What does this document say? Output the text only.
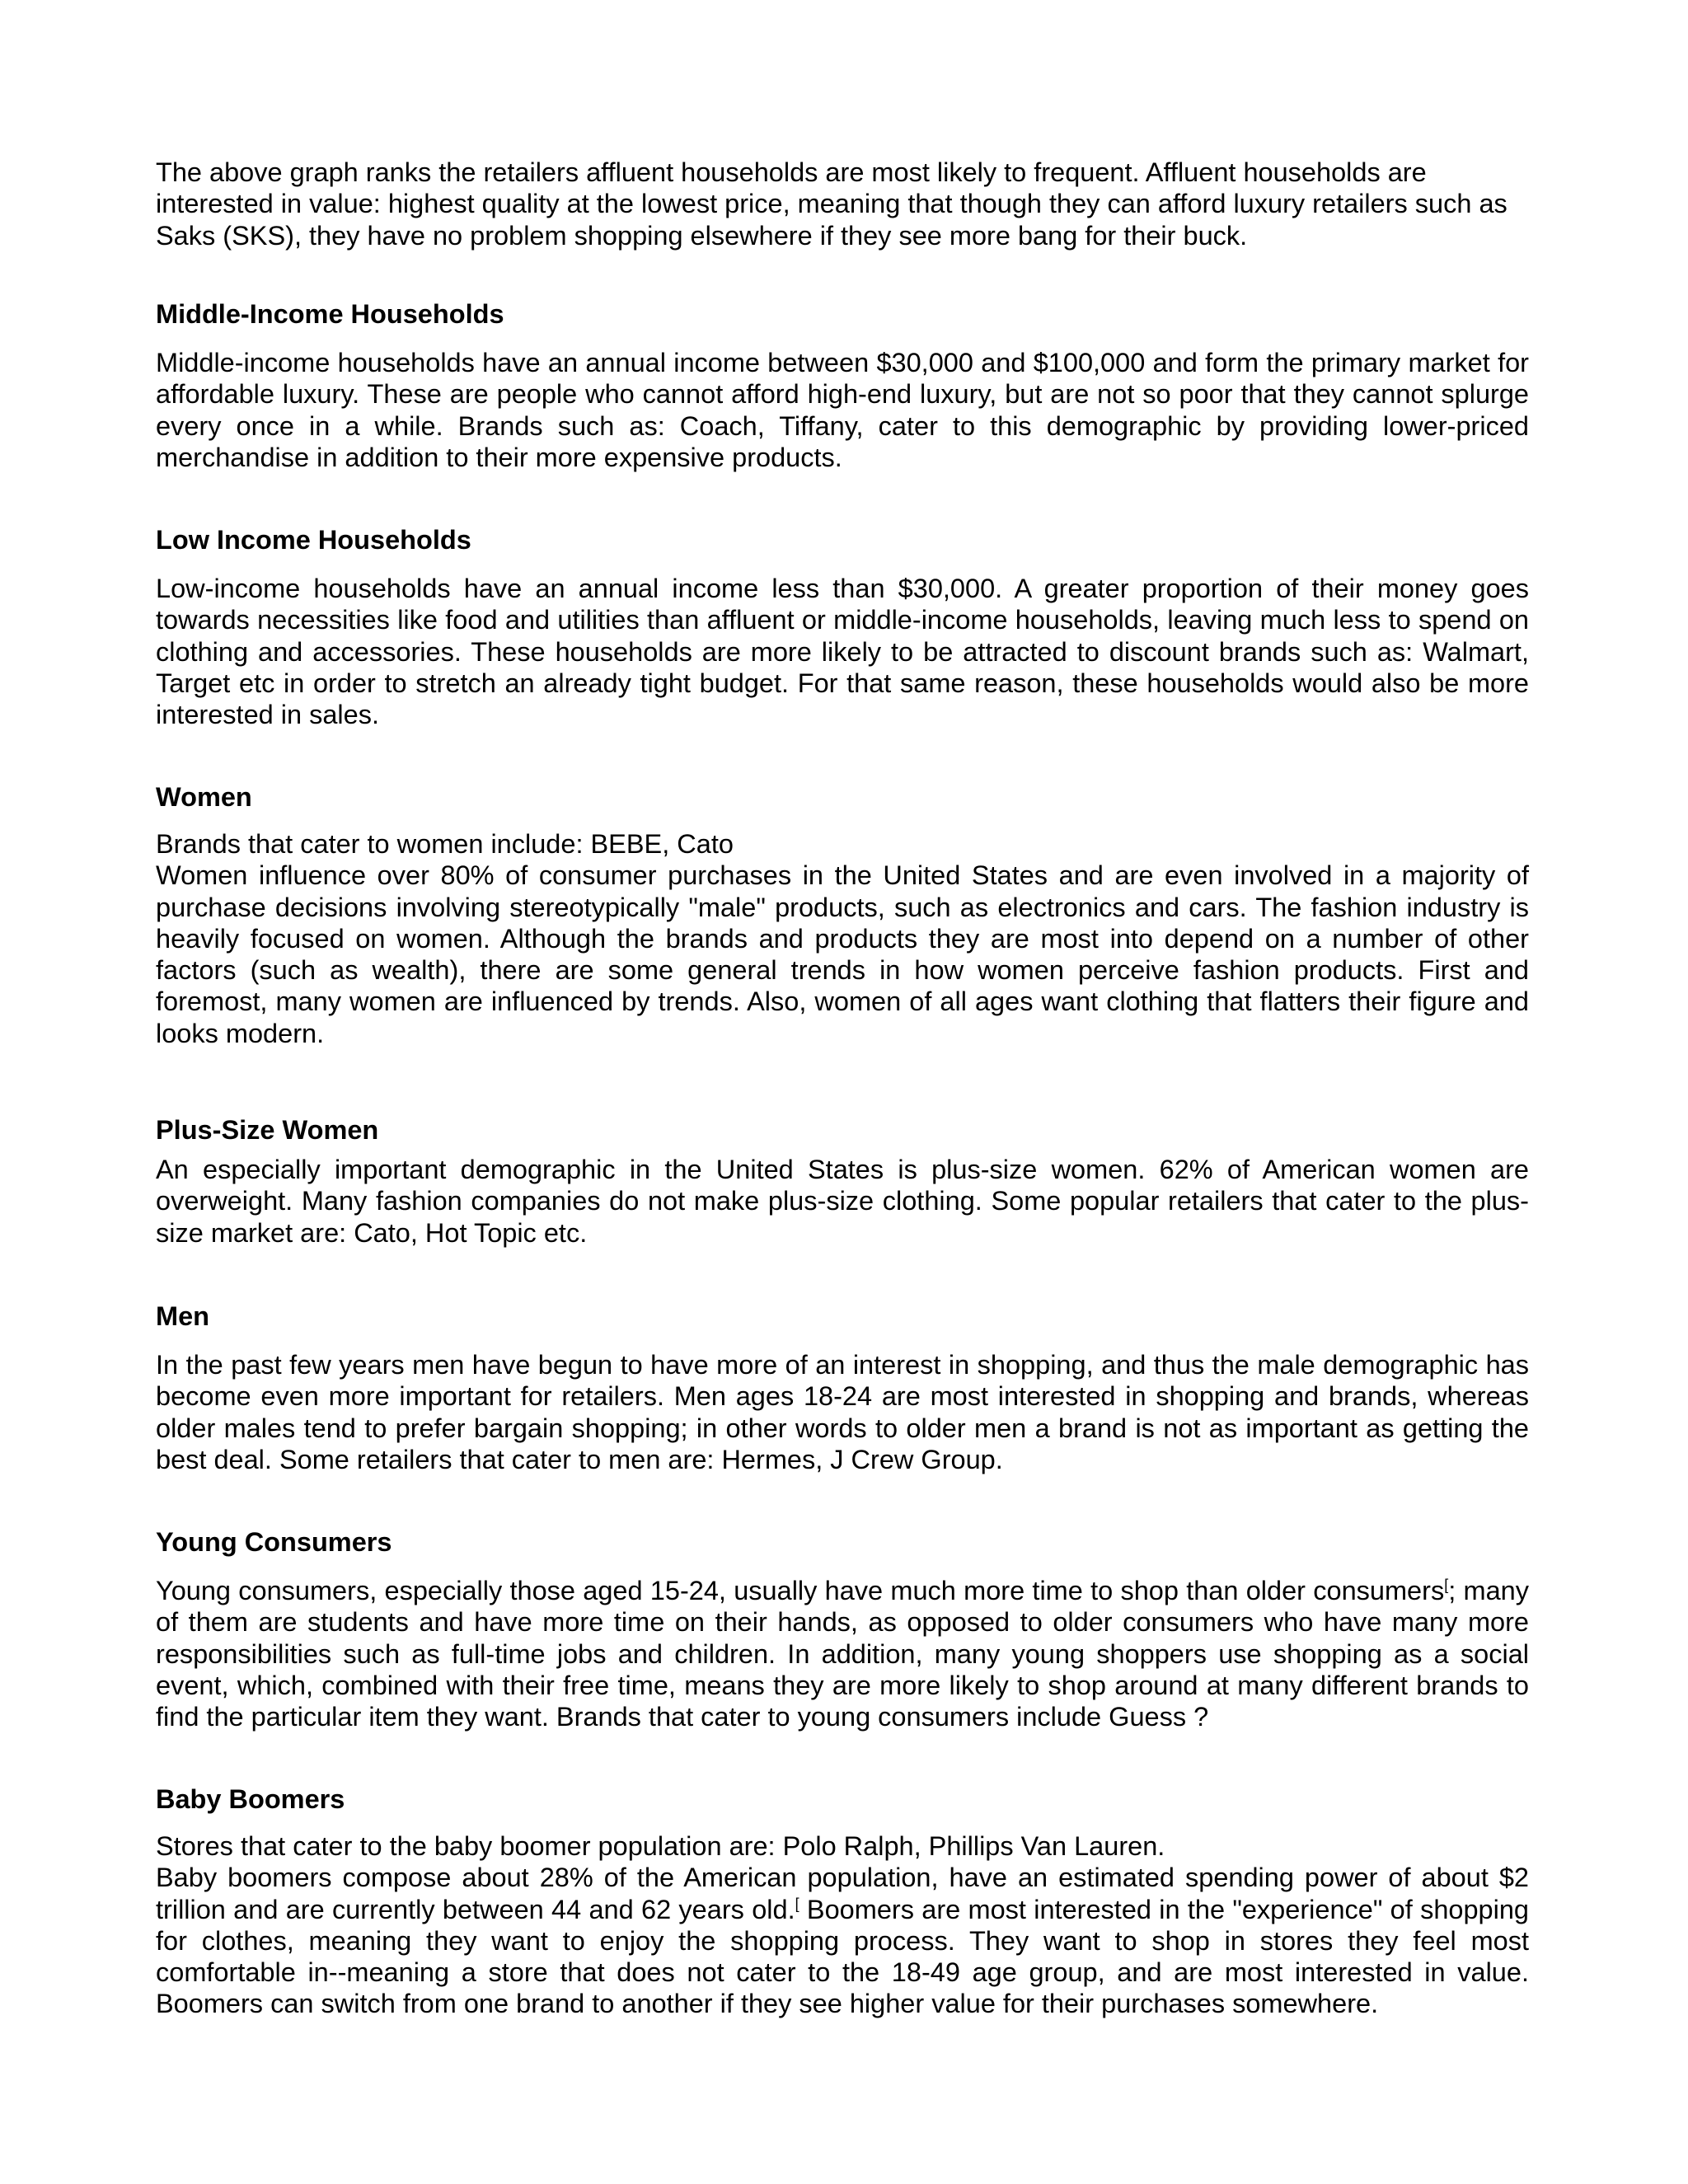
The above graph ranks the retailers affluent households are most likely to frequent. Affluent households are interested in value: highest quality at the lowest price, meaning that though they can afford luxury retailers such as Saks (SKS), they have no problem shopping elsewhere if they see more bang for their buck.

Middle-Income Households

Middle-income households have an annual income between $30,000 and $100,000 and form the primary market for affordable luxury. These are people who cannot afford high-end luxury, but are not so poor that they cannot splurge every once in a while. Brands such as: Coach, Tiffany, cater to this demographic by providing lower-priced merchandise in addition to their more expensive products.

Low Income Households

Low-income households have an annual income less than $30,000. A greater proportion of their money goes towards necessities like food and utilities than affluent or middle-income households, leaving much less to spend on clothing and accessories. These households are more likely to be attracted to discount brands such as: Walmart, Target etc in order to stretch an already tight budget. For that same reason, these households would also be more interested in sales.

Women

Brands that cater to women include: BEBE, Cato

Women influence over 80% of consumer purchases in the United States and are even involved in a majority of purchase decisions involving stereotypically "male" products, such as electronics and cars. The fashion industry is heavily focused on women. Although the brands and products they are most into depend on a number of other factors (such as wealth), there are some general trends in how women perceive fashion products. First and foremost, many women are influenced by trends. Also, women of all ages want clothing that flatters their figure and looks modern.

Plus-Size Women

An especially important demographic in the United States is plus-size women. 62% of American women are overweight. Many fashion companies do not make plus-size clothing. Some popular retailers that cater to the plus-size market are: Cato, Hot Topic etc.

Men

In the past few years men have begun to have more of an interest in shopping, and thus the male demographic has become even more important for retailers. Men ages 18-24 are most interested in shopping and brands, whereas older males tend to prefer bargain shopping; in other words to older men a brand is not as important as getting the best deal. Some retailers that cater to men are: Hermes, J Crew Group.

Young Consumers

Young consumers, especially those aged 15-24, usually have much more time to shop than older consumers[; many of them are students and have more time on their hands, as opposed to older consumers who have many more responsibilities such as full-time jobs and children. In addition, many young shoppers use shopping as a social event, which, combined with their free time, means they are more likely to shop around at many different brands to find the particular item they want. Brands that cater to young consumers include Guess ?

Baby Boomers

Stores that cater to the baby boomer population are: Polo Ralph, Phillips Van Lauren.

Baby boomers compose about 28% of the American population, have an estimated spending power of about $2 trillion and are currently between 44 and 62 years old.[ Boomers are most interested in the "experience" of shopping for clothes, meaning they want to enjoy the shopping process. They want to shop in stores they feel most comfortable in--meaning a store that does not cater to the 18-49 age group, and are most interested in value. Boomers can switch from one brand to another if they see higher value for their purchases somewhere.
